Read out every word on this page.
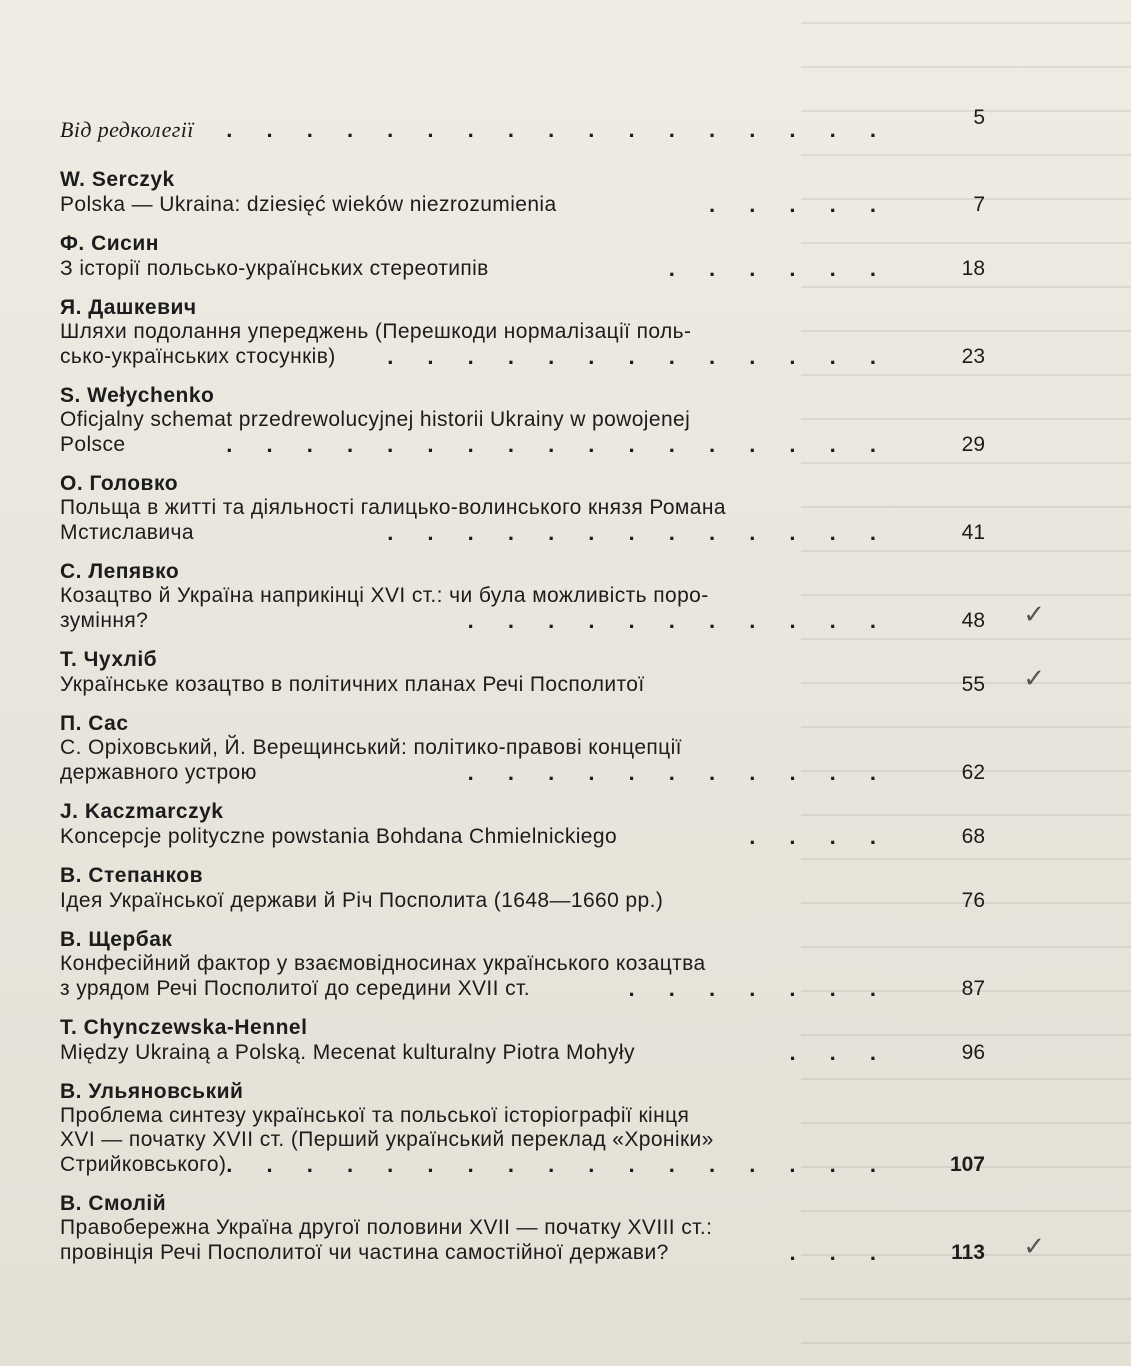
Від редколегії . . . . . . . . . . . . . . . . .	5
W. Serczyk
Polska — Ukraina: dziesięć wieków niezrozumienia	. . . . .	7
Ф. Сисин
З історії польсько-українських стереотипів	. . . . . .	18
Я. Дашкевич
Шляхи подолання упереджень (Перешкоди нормалізації поль-
сько-українських стосунків) . . . . . . . . . . . . .	23
S. Wełychenko
Oficjalny schemat przedrewolucyjnej historii Ukrainy w powojenej
Polsce	. . . . . . . . . . . . . . . . .	29
О. Головко
Польща в житті та діяльності галицько-волинського князя Романа
Мстиславича	. . . . . . . . . . . . .	41
С. Лепявко
Козацтво й Україна наприкінці XVI ст.: чи була можливість поро-
зуміння?	. . . . . . . . . . .	48 ✓
Т. Чухліб
Українське козацтво в політичних планах Речі Посполитої	55 ✓
П. Сас
С. Оріховський, Й. Верещинський: політико-правові концепції
державного устрою	. . . . . . . . . . .	62
J. Kaczmarczyk
Koncepcje polityczne powstania Bohdana Chmielnickiego	. . . .	68
В. Степанков
Ідея Української держави й Річ Посполита (1648—1660 рр.)	76
В. Щербак
Конфесійний фактор у взаємовідносинах українського козацтва
з урядом Речі Посполитої до середини XVII ст.	. . . . . . .	87
T. Chynczewska-Hennel
Między Ukrainą a Polską. Mecenat kulturalny Piotra Mohyły	. . .	96
В. Ульяновський
Проблема синтезу української та польської історіографії кінця
XVI — початку XVII ст. (Перший український переклад «Хроніки»
Стрийковського) . . . . . . . . . . . . . . . . .	107
В. Смолій
Правобережна Україна другої половини XVII — початку XVIII ст.:
провінція Речі Посполитої чи частина самостійної держави?	. . .	113 ✓
